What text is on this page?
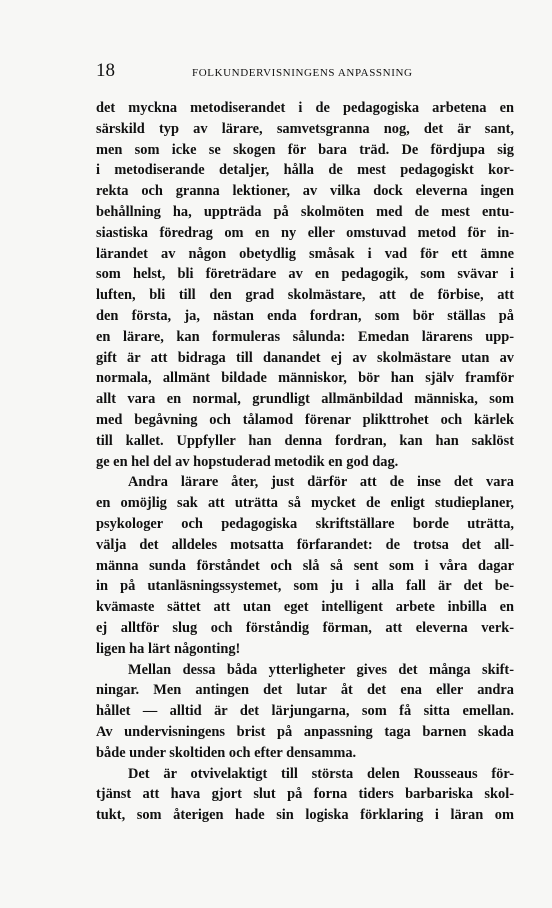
18	FOLKUNDERVISNINGENS ANPASSNING
det myckna metodiserandet i de pedagogiska arbetena en
särskild typ av lärare, samvetsgranna nog, det är sant,
men som icke se skogen för bara träd. De fördjupa sig
i metodiserande detaljer, hålla de mest pedagogiskt kor-
rekta och granna lektioner, av vilka dock eleverna ingen
behållning ha, uppträda på skolmöten med de mest entu-
siastiska föredrag om en ny eller omstuvad metod för in-
lärandet av någon obetydlig småsak i vad för ett ämne
som helst, bli företrädare av en pedagogik, som svävar i
luften, bli till den grad skolmästare, att de förbise, att
den första, ja, nästan enda fordran, som bör ställas på
en lärare, kan formuleras sålunda: Emedan lärarens upp-
gift är att bidraga till danandet ej av skolmästare utan av
normala, allmänt bildade människor, bör han själv framför
allt vara en normal, grundligt allmänbildad människa, som
med begåvning och tålamod förenar plikttrohet och kärlek
till kallet. Uppfyller han denna fordran, kan han saklöst
ge en hel del av hopstuderad metodik en god dag.
Andra lärare åter, just därför att de inse det vara
en omöjlig sak att uträtta så mycket de enligt studieplaner,
psykologer och pedagogiska skriftställare borde uträtta,
välja det alldeles motsatta förfarandet: de trotsa det all-
männa sunda förståndet och slå så sent som i våra dagar
in på utanläsningssystemet, som ju i alla fall är det be-
kvämaste sättet att utan eget intelligent arbete inbilla en
ej alltför slug och förståndig förman, att eleverna verk-
ligen ha lärt någonting!
Mellan dessa båda ytterligheter gives det många skift-
ningar. Men antingen det lutar åt det ena eller andra
hållet — alltid är det lärjungarna, som få sitta emellan.
Av undervisningens brist på anpassning taga barnen skada
både under skoltiden och efter densamma.
Det är otvivelaktigt till största delen Rousseaus för-
tjänst att hava gjort slut på forna tiders barbariska skol-
tukt, som återigen hade sin logiska förklaring i läran om
